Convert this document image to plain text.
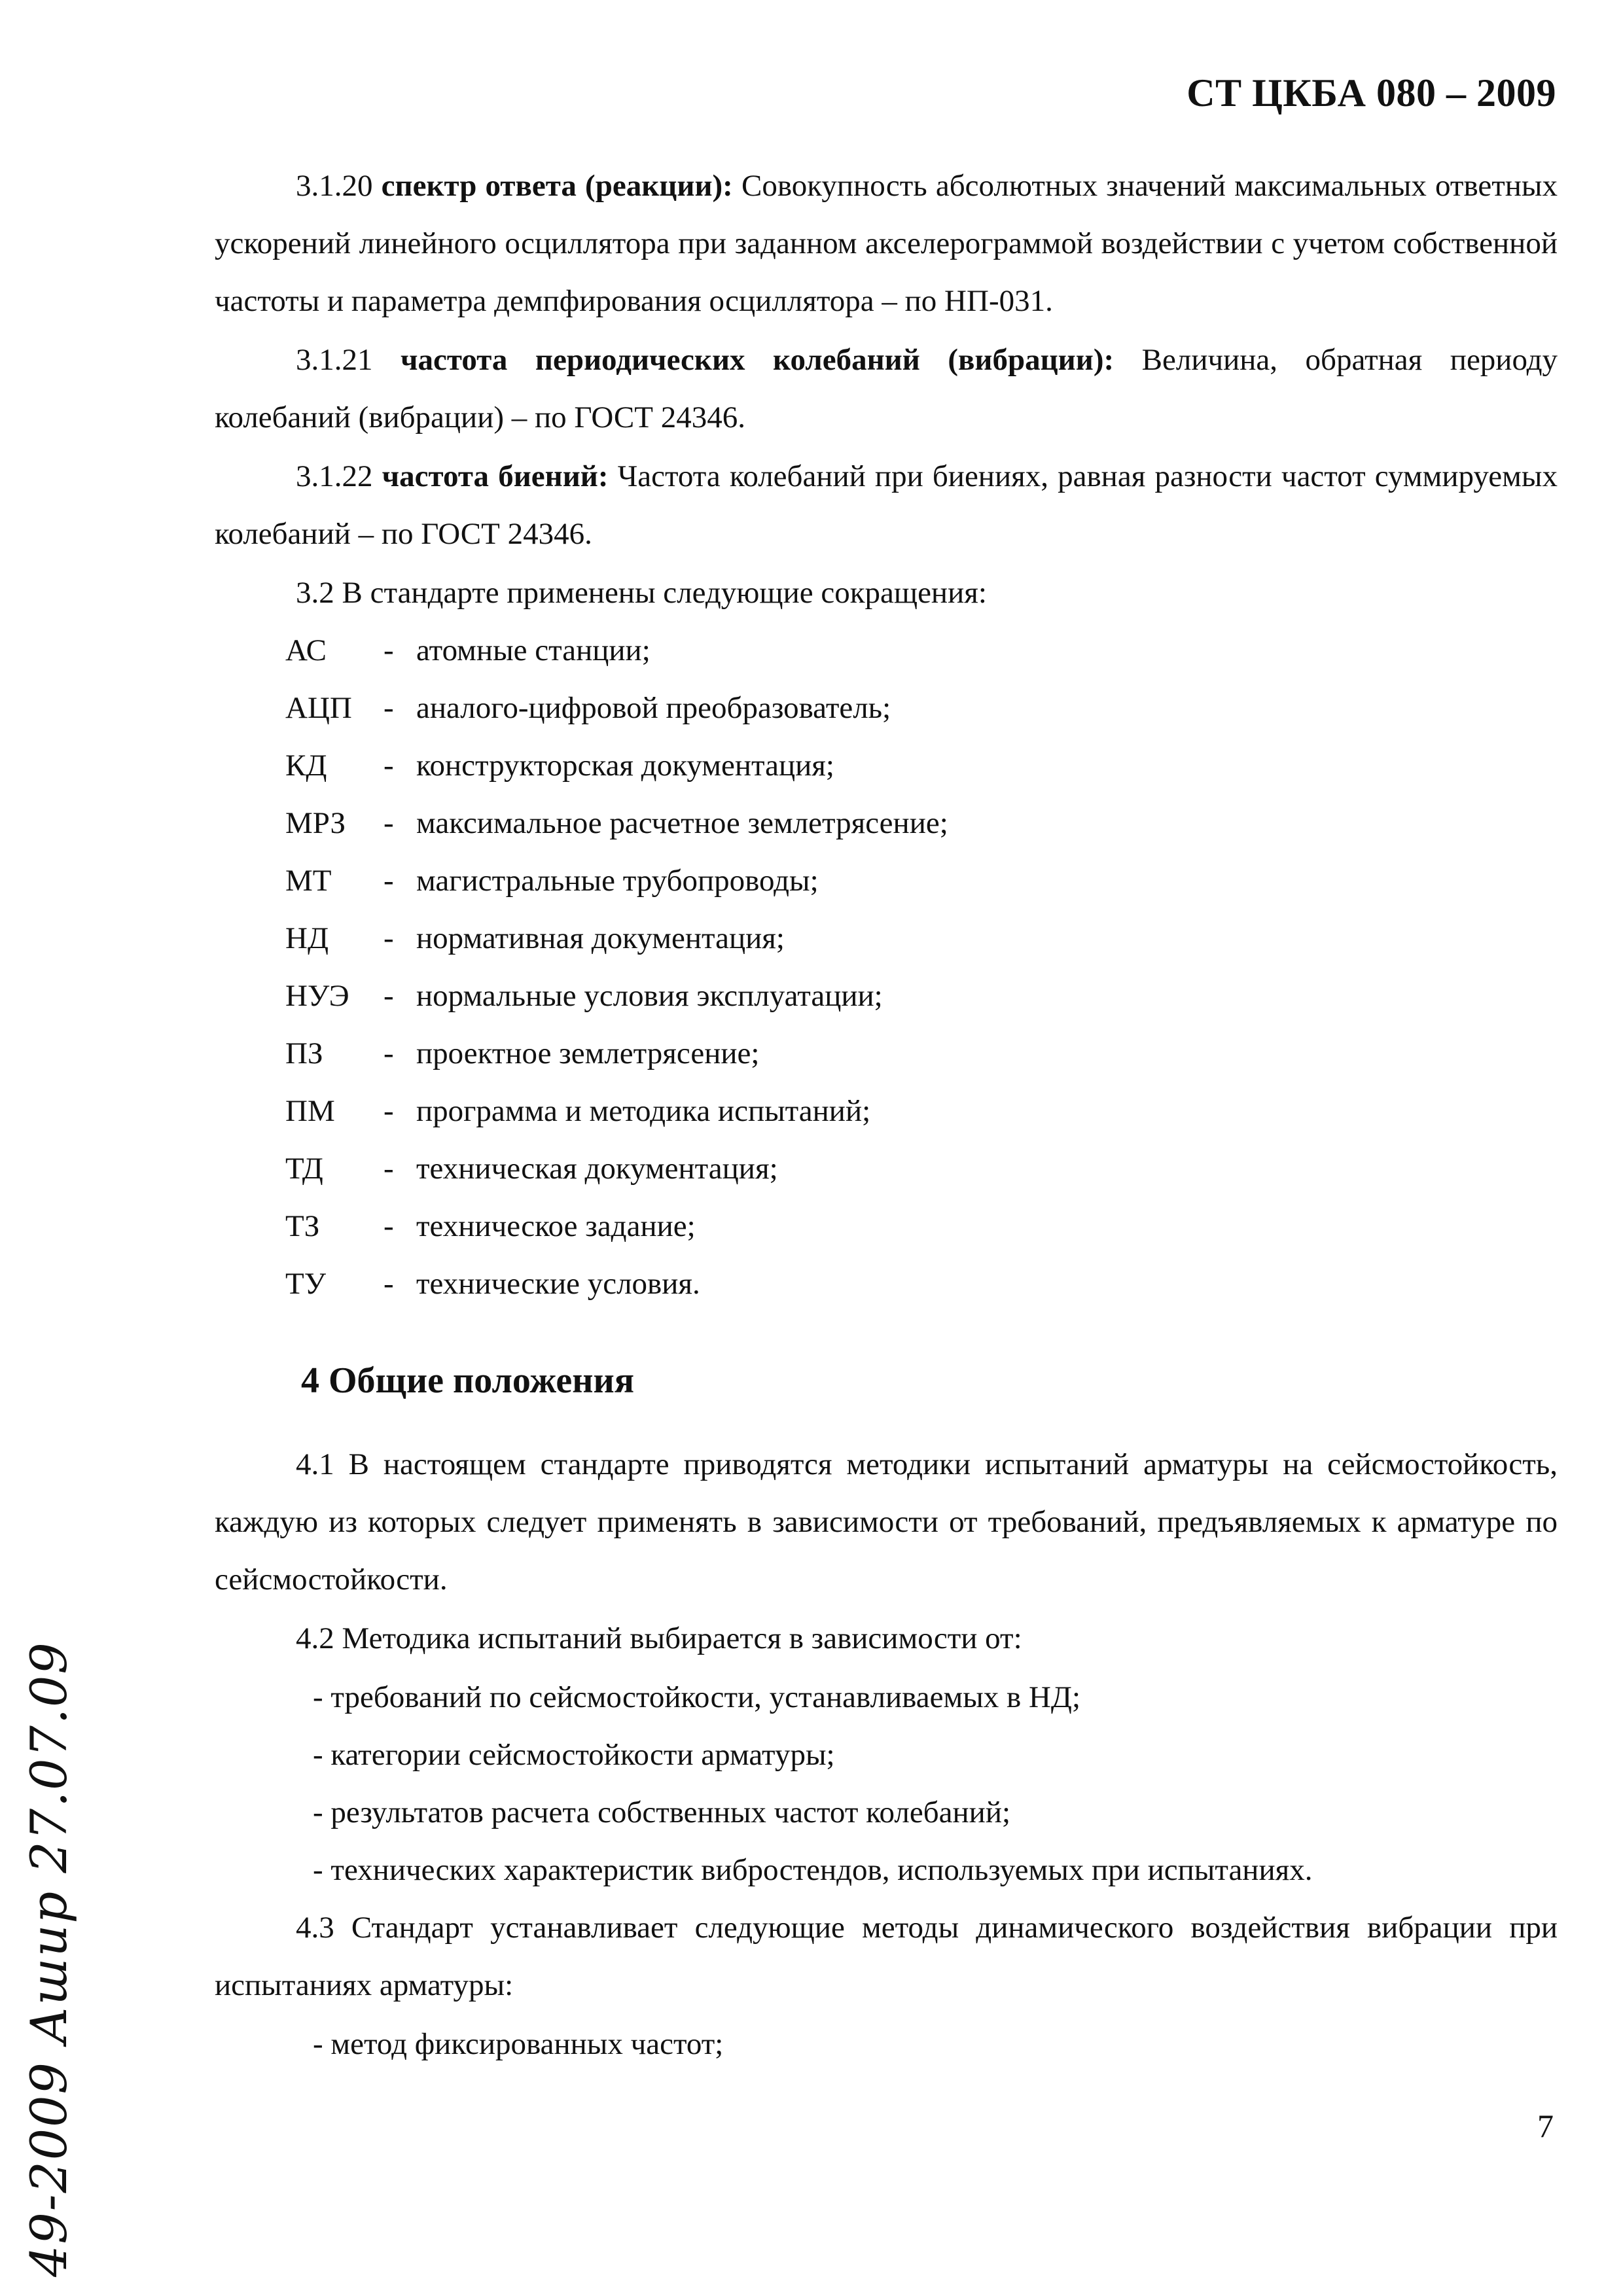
СТ ЦКБА 080 – 2009

3.1.20 спектр ответа (реакции): Совокупность абсолютных значений максимальных ответных ускорений линейного осциллятора при заданном акселерограммой воздействии с учетом собственной частоты и параметра демпфирования осциллятора – по НП-031.

3.1.21 частота периодических колебаний (вибрации): Величина, обратная периоду колебаний (вибрации) – по ГОСТ 24346.

3.1.22 частота биений: Частота колебаний при биениях, равная разности частот суммируемых колебаний – по ГОСТ 24346.

3.2 В стандарте применены следующие сокращения:

АС	- атомные станции;
АЦП	- аналого-цифровой преобразователь;
КД	- конструкторская документация;
МРЗ	- максимальное расчетное землетрясение;
МТ	- магистральные трубопроводы;
НД	- нормативная документация;
НУЭ	- нормальные условия эксплуатации;
ПЗ	- проектное землетрясение;
ПМ	- программа и методика испытаний;
ТД	- техническая документация;
ТЗ	- техническое задание;
ТУ	- технические условия.
4 Общие положения

4.1 В настоящем стандарте приводятся методики испытаний арматуры на сейсмостойкость, каждую из которых следует применять в зависимости от требований, предъявляемых к арматуре по сейсмостойкости.

4.2 Методика испытаний выбирается в зависимости от:

- требований по сейсмостойкости, устанавливаемых в НД;

- категории сейсмостойкости арматуры;

- результатов расчета собственных частот колебаний;

- технических характеристик вибростендов, используемых при испытаниях.

4.3 Стандарт устанавливает следующие методы динамического воздействия вибрации при испытаниях арматуры:

- метод фиксированных частот;

7
49-2009 Ашир 27.07.09
